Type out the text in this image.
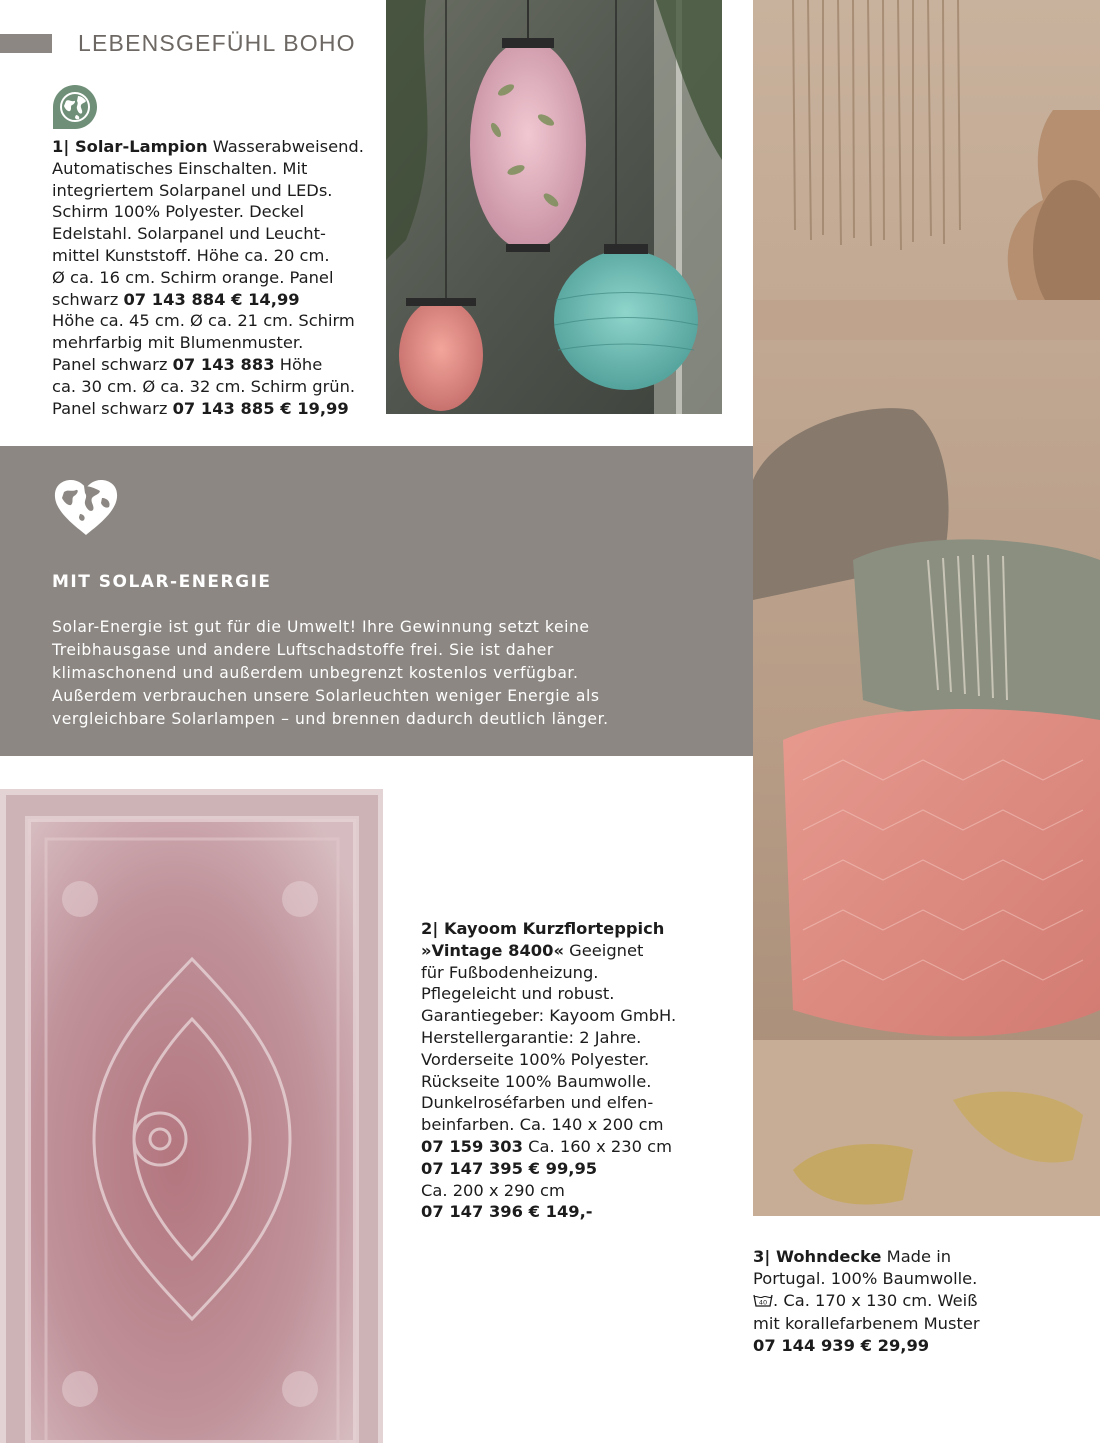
LEBENSGEFÜHL BOHO
1| Solar-Lampion Wasserabweisend.
Automatisches Einschalten. Mit
integriertem Solarpanel und LEDs.
Schirm 100% Polyester. Deckel
Edelstahl. Solarpanel und Leucht-
mittel Kunststoff. Höhe ca. 20 cm.
Ø ca. 16 cm. Schirm orange. Panel
schwarz 07 143 884 € 14,99
Höhe ca. 45 cm. Ø ca. 21 cm. Schirm
mehrfarbig mit Blumenmuster.
Panel schwarz 07 143 883 Höhe
ca. 30 cm. Ø ca. 32 cm. Schirm grün.
Panel schwarz 07 143 885 € 19,99
MIT SOLAR-ENERGIE
Solar-Energie ist gut für die Umwelt! Ihre Gewinnung setzt keine
Treibhausgase und andere Luftschadstoffe frei. Sie ist daher
klimaschonend und außerdem unbegrenzt kostenlos verfügbar.
Außerdem verbrauchen unsere Solarleuchten weniger Energie als
vergleichbare Solarlampen – und brennen dadurch deutlich länger.
2| Kayoom Kurzflorteppich
»Vintage 8400« Geeignet
für Fußbodenheizung.
Pflegeleicht und robust.
Garantiegeber: Kayoom GmbH.
Herstellergarantie: 2 Jahre.
Vorderseite 100% Polyester.
Rückseite 100% Baumwolle.
Dunkelroséfarben und elfen-
beinfarben. Ca. 140 x 200 cm
07 159 303 Ca. 160 x 230 cm
07 147 395 € 99,95
Ca. 200 x 290 cm
07 147 396 € 149,-
3| Wohndecke Made in
Portugal. 100% Baumwolle.
40 . Ca. 170 x 130 cm. Weiß
mit korallefarbenem Muster
07 144 939 € 29,99
